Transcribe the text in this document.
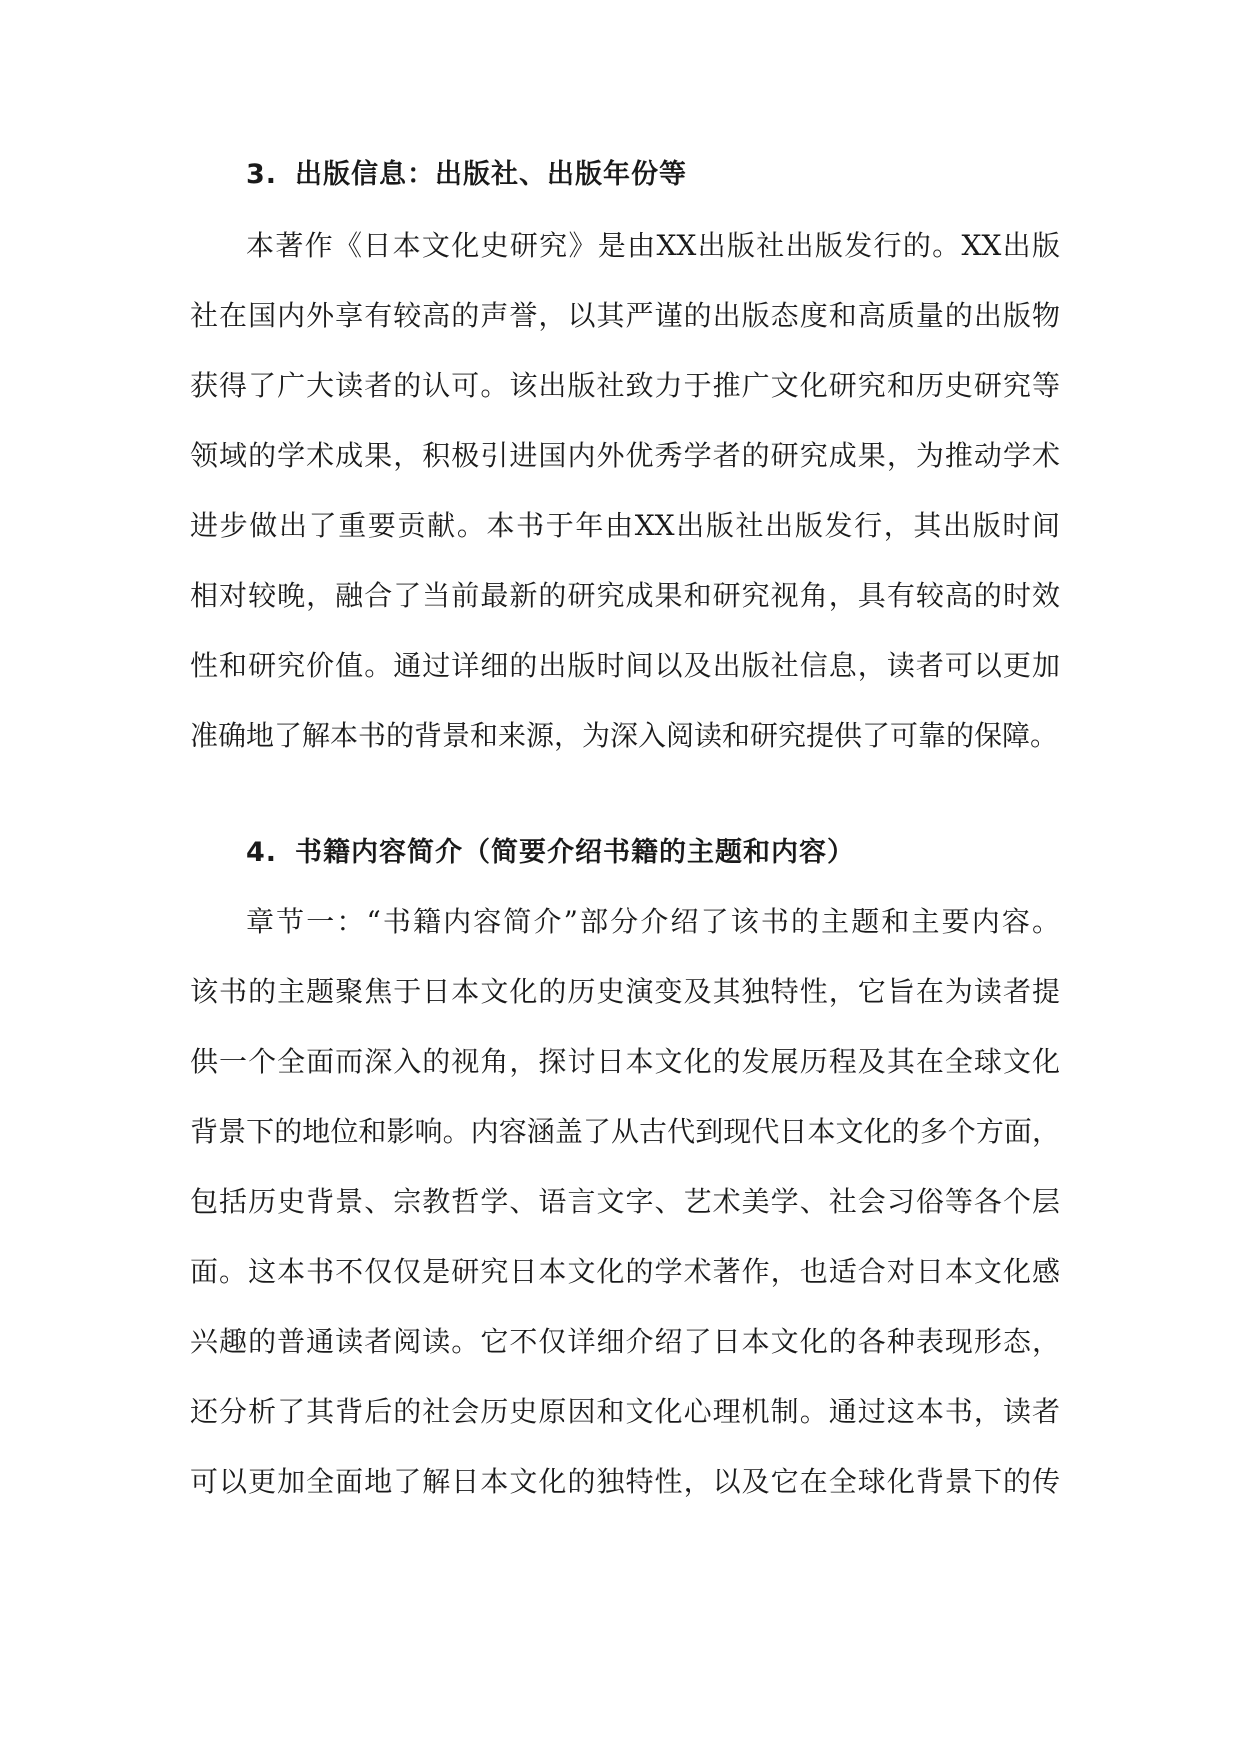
3. 出版信息：出版社、出版年份等
本著作《日本文化史研究》是由XX出版社出版发行的。XX出版
社在国内外享有较高的声誉，以其严谨的出版态度和高质量的出版物
获得了广大读者的认可。该出版社致力于推广文化研究和历史研究等
领域的学术成果，积极引进国内外优秀学者的研究成果，为推动学术
进步做出了重要贡献。本书于年由XX出版社出版发行，其出版时间
相对较晚，融合了当前最新的研究成果和研究视角，具有较高的时效
性和研究价值。通过详细的出版时间以及出版社信息，读者可以更加
准确地了解本书的背景和来源，为深入阅读和研究提供了可靠的保障。
4. 书籍内容简介（简要介绍书籍的主题和内容）
章节一：“书籍内容简介”部分介绍了该书的主题和主要内容。
该书的主题聚焦于日本文化的历史演变及其独特性，它旨在为读者提
供一个全面而深入的视角，探讨日本文化的发展历程及其在全球文化
背景下的地位和影响。内容涵盖了从古代到现代日本文化的多个方面，
包括历史背景、宗教哲学、语言文字、艺术美学、社会习俗等各个层
面。这本书不仅仅是研究日本文化的学术著作，也适合对日本文化感
兴趣的普通读者阅读。它不仅详细介绍了日本文化的各种表现形态，
还分析了其背后的社会历史原因和文化心理机制。通过这本书，读者
可以更加全面地了解日本文化的独特性，以及它在全球化背景下的传
